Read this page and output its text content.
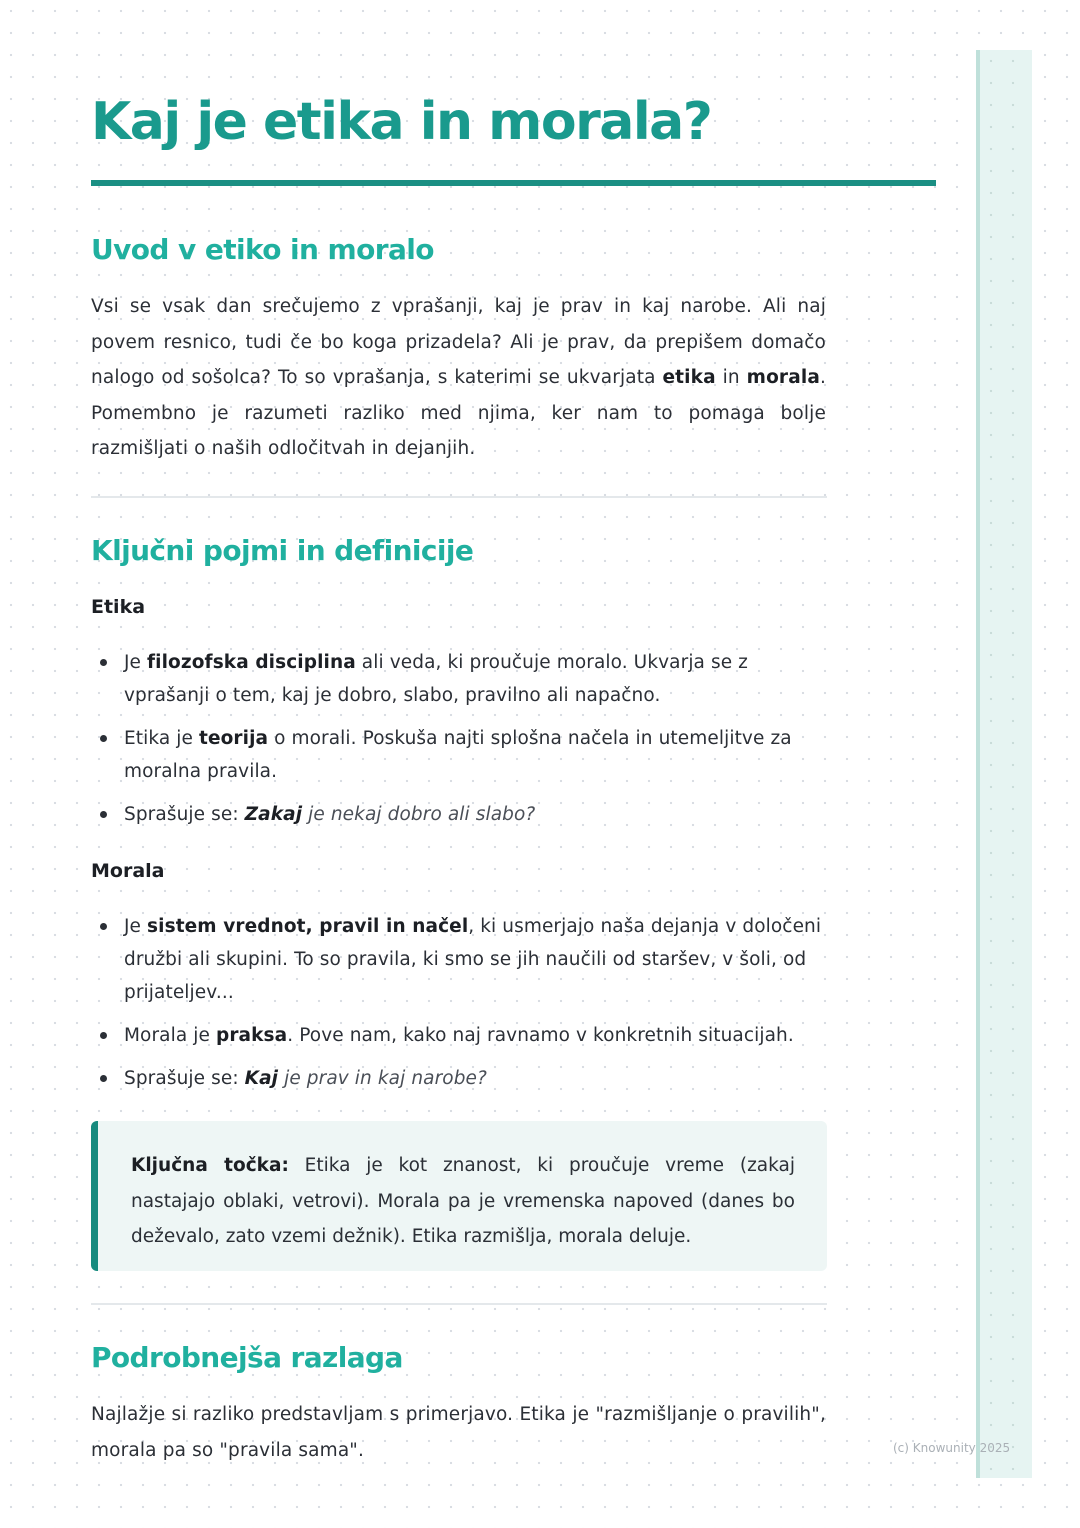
(c) Knowunity 2025
Kaj je etika in morala?
Uvod v etiko in moralo

Vsi se vsak dan srečujemo z vprašanji, kaj je prav in kaj narobe. Ali naj povem resnico, tudi če bo koga prizadela? Ali je prav, da prepišem domačo nalogo od sošolca? To so vprašanja, s katerimi se ukvarjata etika in morala. Pomembno je razumeti razliko med njima, ker nam to pomaga bolje razmišljati o naših odločitvah in dejanjih.

Ključni pojmi in definicije
Etika
Je filozofska disciplina ali veda, ki proučuje moralo. Ukvarja se z vprašanji o tem, kaj je dobro, slabo, pravilno ali napačno.
Etika je teorija o morali. Poskuša najti splošna načela in utemeljitve za moralna pravila.
Sprašuje se: Zakaj je nekaj dobro ali slabo?
Morala
Je sistem vrednot, pravil in načel, ki usmerjajo naša dejanja v določeni družbi ali skupini. To so pravila, ki smo se jih naučili od staršev, v šoli, od prijateljev...
Morala je praksa. Pove nam, kako naj ravnamo v konkretnih situacijah.
Sprašuje se: Kaj je prav in kaj narobe?

Ključna točka: Etika je kot znanost, ki proučuje vreme (zakaj nastajajo oblaki, vetrovi). Morala pa je vremenska napoved (danes bo deževalo, zato vzemi dežnik). Etika razmišlja, morala deluje.

Podrobnejša razlaga

Najlažje si razliko predstavljam s primerjavo. Etika je "razmišljanje o pravilih", morala pa so "pravila sama".
